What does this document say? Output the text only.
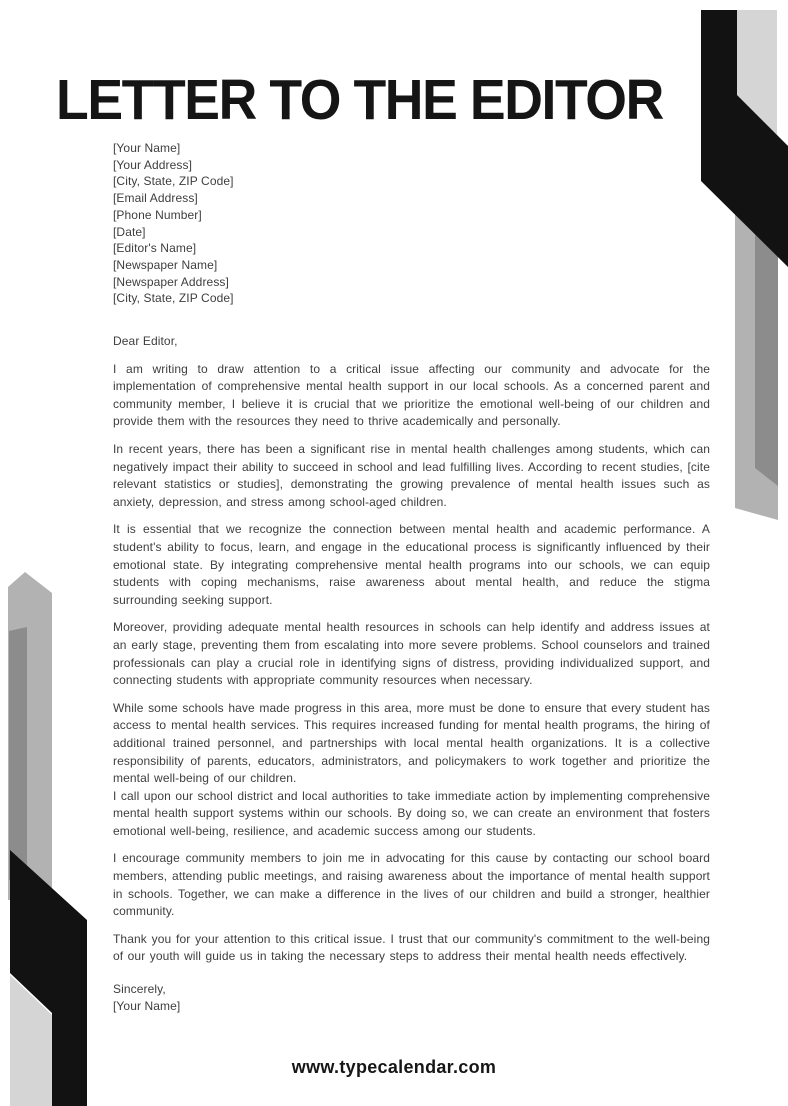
LETTER TO THE EDITOR
[Your Name]
[Your Address]
[City, State, ZIP Code]
[Email Address]
[Phone Number]
[Date]
[Editor's Name]
[Newspaper Name]
[Newspaper Address]
[City, State, ZIP Code]
Dear Editor,

I am writing to draw attention to a critical issue affecting our community and advocate for the implementation of comprehensive mental health support in our local schools. As a concerned parent and community member, I believe it is crucial that we prioritize the emotional well-being of our children and provide them with the resources they need to thrive academically and personally.

In recent years, there has been a significant rise in mental health challenges among students, which can negatively impact their ability to succeed in school and lead fulfilling lives. According to recent studies, [cite relevant statistics or studies], demonstrating the growing prevalence of mental health issues such as anxiety, depression, and stress among school-aged children.

It is essential that we recognize the connection between mental health and academic performance. A student's ability to focus, learn, and engage in the educational process is significantly influenced by their emotional state. By integrating comprehensive mental health programs into our schools, we can equip students with coping mechanisms, raise awareness about mental health, and reduce the stigma surrounding seeking support.

Moreover, providing adequate mental health resources in schools can help identify and address issues at an early stage, preventing them from escalating into more severe problems. School counselors and trained professionals can play a crucial role in identifying signs of distress, providing individualized support, and connecting students with appropriate community resources when necessary.

While some schools have made progress in this area, more must be done to ensure that every student has access to mental health services. This requires increased funding for mental health programs, the hiring of additional trained personnel, and partnerships with local mental health organizations. It is a collective responsibility of parents, educators, administrators, and policymakers to work together and prioritize the mental well-being of our children.

I call upon our school district and local authorities to take immediate action by implementing comprehensive mental health support systems within our schools. By doing so, we can create an environment that fosters emotional well-being, resilience, and academic success among our students.

I encourage community members to join me in advocating for this cause by contacting our school board members, attending public meetings, and raising awareness about the importance of mental health support in schools. Together, we can make a difference in the lives of our children and build a stronger, healthier community.

Thank you for your attention to this critical issue. I trust that our community's commitment to the well-being of our youth will guide us in taking the necessary steps to address their mental health needs effectively.

Sincerely,
[Your Name]
www.typecalendar.com
